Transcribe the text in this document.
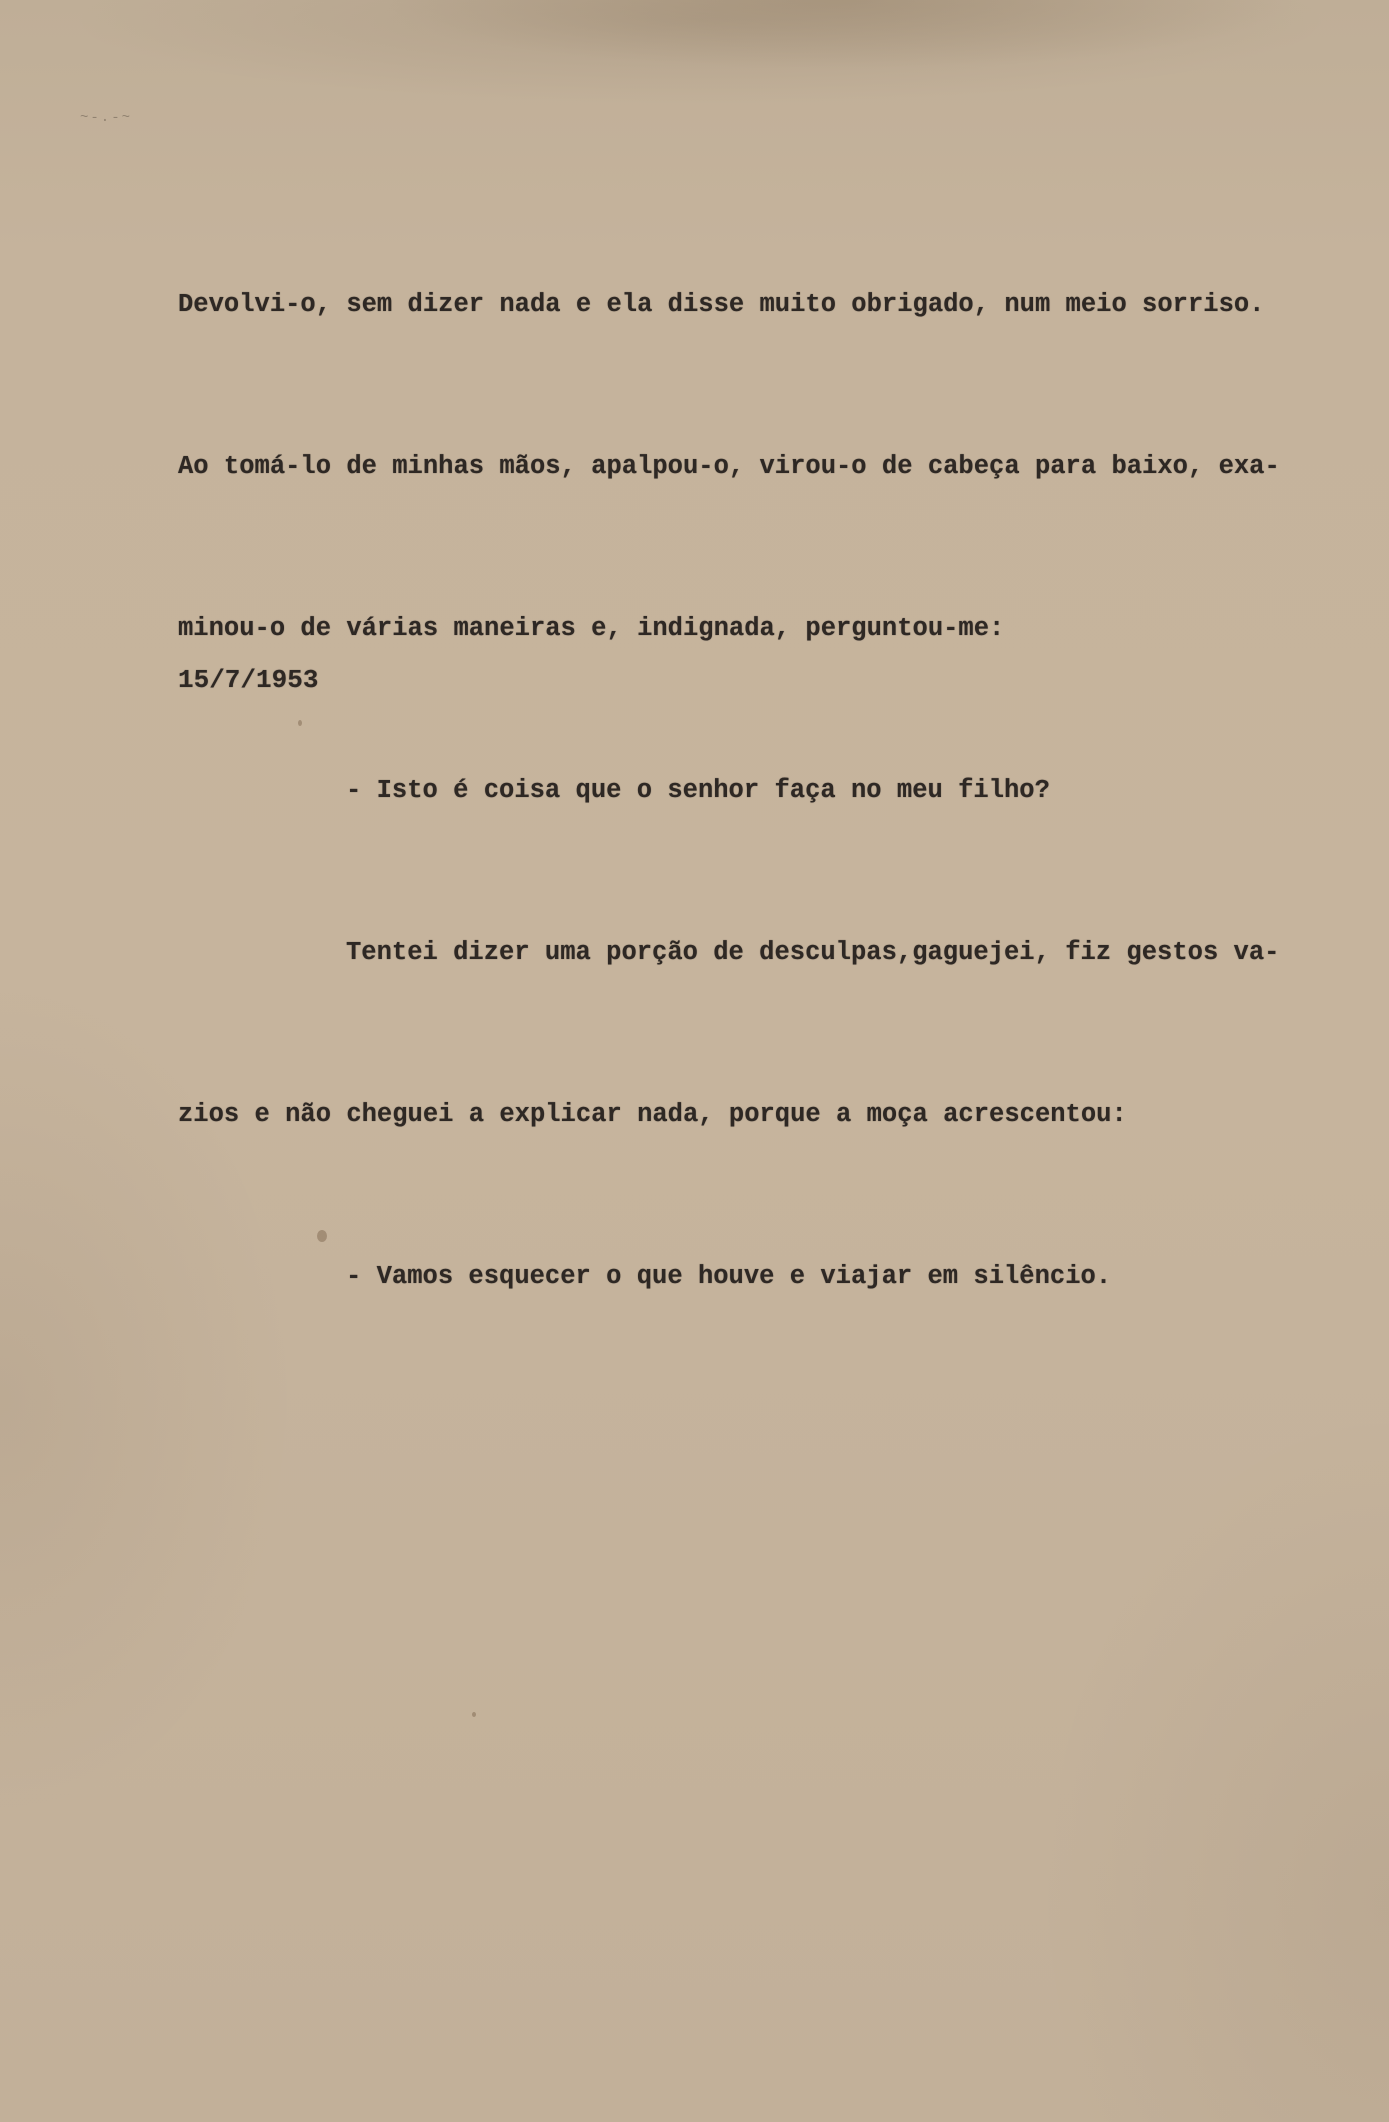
~-.-~

Devolvi-o, sem dizer nada e ela disse muito obrigado, num meio sorriso.

Ao tomá-lo de minhas mãos, apalpou-o, virou-o de cabeça para baixo, exa-

minou-o de várias maneiras e, indignada, perguntou-me:

- Isto é coisa que o senhor faça no meu filho?

Tentei dizer uma porção de desculpas,gaguejei, fiz gestos va-

zios e não cheguei a explicar nada, porque a moça acrescentou:

- Vamos esquecer o que houve e viajar em silêncio.

15/7/1953
